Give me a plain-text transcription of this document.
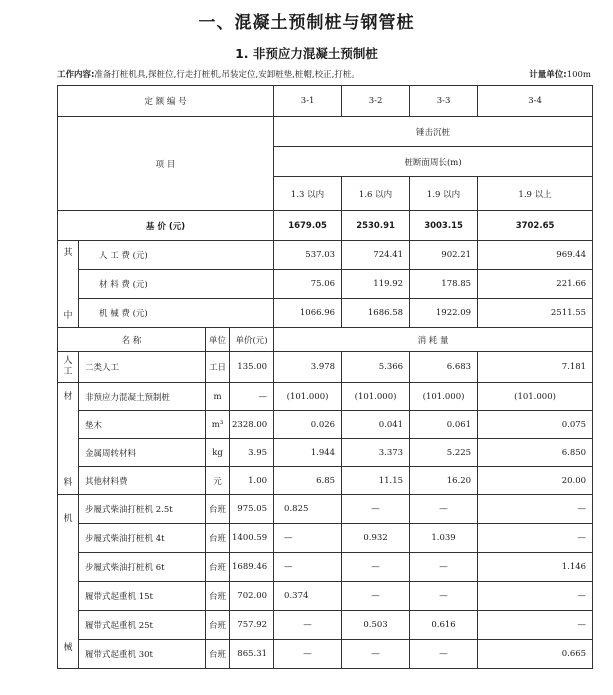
一、混凝土预制桩与钢管桩
1. 非预应力混凝土预制桩
工作内容:准备打桩机具,探桩位,行走打桩机,吊装定位,安卸桩垫,桩帽,校正,打桩。	计量单位:100m
定 额 编 号				3-1	3-2	3-3	3-4
项 目				锤击沉桩			
				桩断面周长(m)			
				1.3 以内	1.6 以内	1.9 以内	1.9 以上
基 价 (元)				1679.05	2530.91	3003.15	3702.65
其	人 工 费 (元)			537.03	724.41	902.21	969.44
	材 料 费 (元)			75.06	119.92	178.85	221.66
中	机 械 费 (元)			1066.96	1686.58	1922.09	2511.55
名 称		单位	单价(元)	消 耗 量			
人
工	二类人工	工日	135.00	3.978	5.366	6.683	7.181
材	非预应力混凝土预制桩	m	—	(101.000)	(101.000)	(101.000)	(101.000)
	垫木	m³	2328.00	0.026	0.041	0.061	0.075
	金属周转材料	kg	3.95	1.944	3.373	5.225	6.850
料	其他材料费	元	1.00	6.85	11.15	16.20	20.00
机	步履式柴油打桩机 2.5t	台班	975.05	0.825	—	—	—
	步履式柴油打桩机 4t	台班	1400.59	—	0.932	1.039	—
	步履式柴油打桩机 6t	台班	1689.46	—	—	—	1.146
	履带式起重机 15t	台班	702.00	0.374	—	—	—
	履带式起重机 25t	台班	757.92	—	0.503	0.616	—
械	履带式起重机 30t	台班	865.31	—	—	—	0.665
